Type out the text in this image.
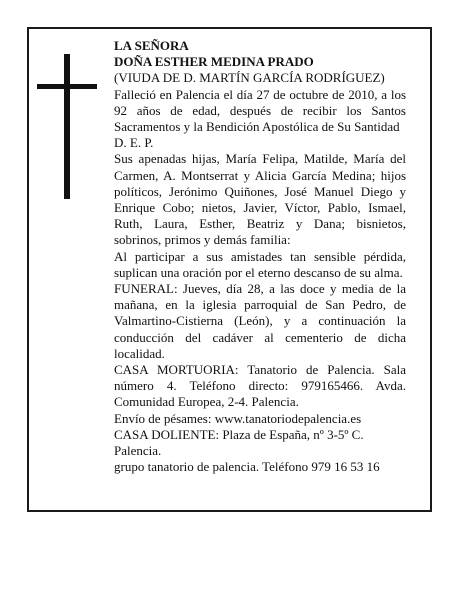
LA SEÑORA

DOÑA ESTHER MEDINA PRADO

(VIUDA DE D. MARTÍN GARCÍA RODRÍGUEZ)

Falleció en Palencia el día 27 de octubre de 2010, a los 92 años de edad, después de recibir los Santos Sacramentos y la Bendición Apostólica de Su Santidad

D. E. P.

Sus apenadas hijas, María Felipa, Matilde, María del Carmen, A. Montserrat y Alicia García Medina; hijos políticos, Jerónimo Quiñones, José Manuel Diego y Enrique Cobo; nietos, Javier, Víctor, Pablo, Ismael, Ruth, Laura, Esther, Beatriz y Dana; bisnietos, sobrinos, primos y demás familia:

Al participar a sus amistades tan sensible pérdida, suplican una oración por el eterno descanso de su alma.

FUNERAL: Jueves, día 28, a las doce y media de la mañana, en la iglesia parroquial de San Pedro, de Valmartino-Cistierna (León), y a continuación la conducción del cadáver al cementerio de dicha localidad.

CASA MORTUORIA: Tanatorio de Palencia. Sala número 4. Teléfono directo: 979165466. Avda. Comunidad Europea, 2-4. Palencia.

Envío de pésames: www.tanatoriodepalencia.es

CASA DOLIENTE: Plaza de España, nº 3-5º C. Palencia.

grupo tanatorio de palencia. Teléfono 979 16 53 16
